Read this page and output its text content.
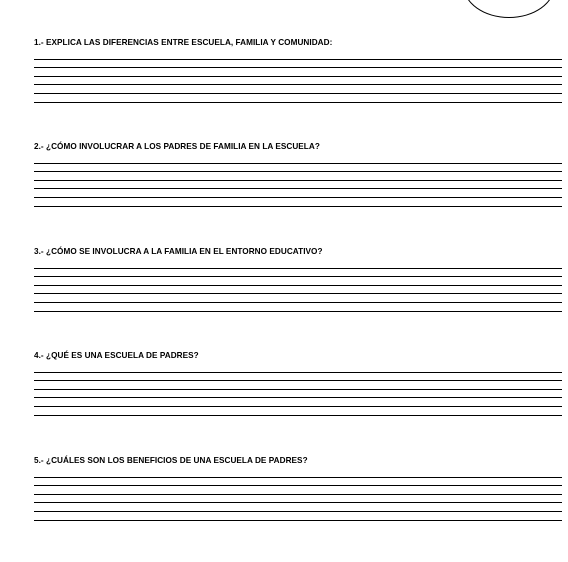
1.- EXPLICA LAS DIFERENCIAS ENTRE ESCUELA, FAMILIA Y COMUNIDAD:
2.- ¿CÓMO INVOLUCRAR A LOS PADRES DE FAMILIA EN LA ESCUELA?
3.- ¿CÓMO SE INVOLUCRA A LA FAMILIA EN EL ENTORNO EDUCATIVO?
4.- ¿QUÉ ES UNA ESCUELA DE PADRES?
5.- ¿CUÁLES SON LOS BENEFICIOS DE UNA ESCUELA DE PADRES?
